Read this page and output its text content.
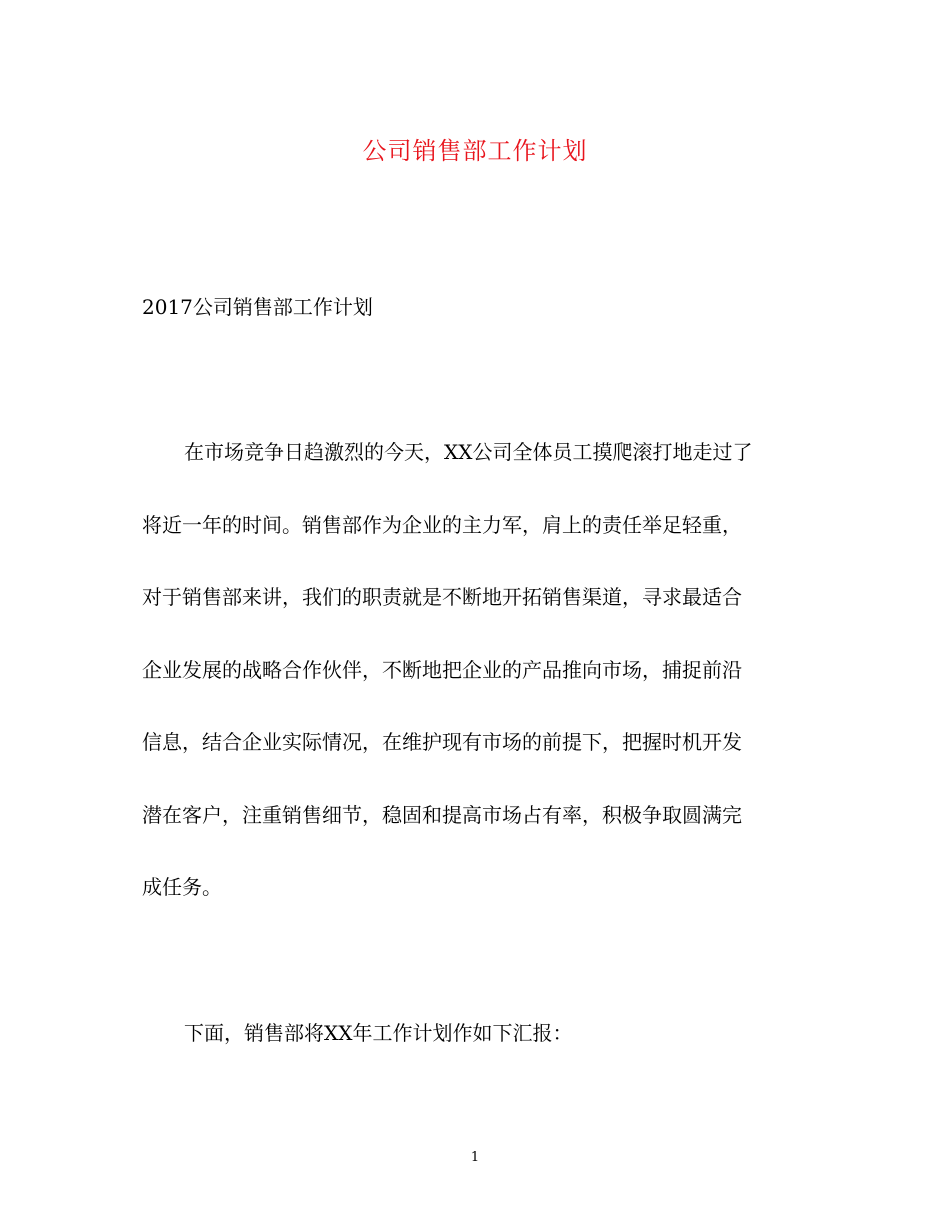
公司销售部工作计划
2017公司销售部工作计划
在市场竞争日趋激烈的今天，XX公司全体员工摸爬滚打地走过了
将近一年的时间。销售部作为企业的主力军，肩上的责任举足轻重，
对于销售部来讲，我们的职责就是不断地开拓销售渠道，寻求最适合
企业发展的战略合作伙伴，不断地把企业的产品推向市场，捕捉前沿
信息，结合企业实际情况，在维护现有市场的前提下，把握时机开发
潜在客户，注重销售细节，稳固和提高市场占有率，积极争取圆满完
成任务。
下面，销售部将XX年工作计划作如下汇报：
1
